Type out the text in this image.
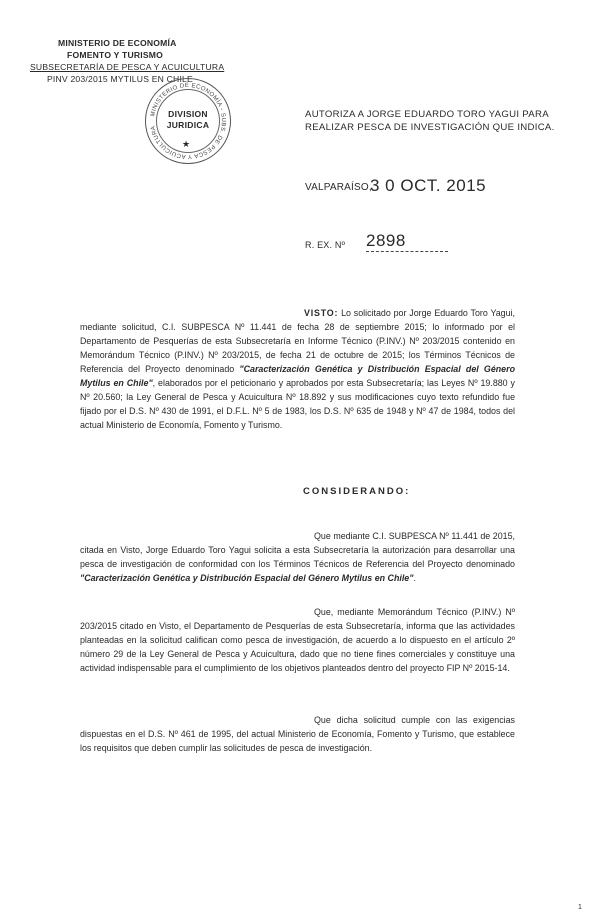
MINISTERIO DE ECONOMÍA
FOMENTO Y TURISMO
SUBSECRETARÍA DE PESCA Y ACUICULTURA
PINV 203/2015 MYTILUS EN CHILE
MINISTERIO DE ECONOMÍA - SUBS. DE PESCA Y ACUICULTURA
DIVISION
JURIDICA
★
AUTORIZA A JORGE EDUARDO TORO YAGUI PARA
REALIZAR PESCA DE INVESTIGACIÓN QUE INDICA.
VALPARAÍSO,
3 0 OCT. 2015
R. EX. Nº 2898
VISTO: Lo solicitado por Jorge Eduardo Toro Yagui, mediante solicitud, C.I. SUBPESCA Nº 11.441 de fecha 28 de septiembre 2015; lo informado por el Departamento de Pesquerías de esta Subsecretaría en Informe Técnico (P.INV.) Nº 203/2015 contenido en Memorándum Técnico (P.INV.) Nº 203/2015, de fecha 21 de octubre de 2015; los Términos Técnicos de Referencia del Proyecto denominado "Caracterización Genética y Distribución Espacial del Género Mytilus en Chile", elaborados por el peticionario y aprobados por esta Subsecretaría; las Leyes Nº 19.880 y Nº 20.560; la Ley General de Pesca y Acuicultura Nº 18.892 y sus modificaciones cuyo texto refundido fue fijado por el D.S. Nº 430 de 1991, el D.F.L. Nº 5 de 1983, los D.S. Nº 635 de 1948 y Nº 47 de 1984, todos del actual Ministerio de Economía, Fomento y Turismo.
CONSIDERANDO:
Que mediante C.I. SUBPESCA Nº 11.441 de 2015, citada en Visto, Jorge Eduardo Toro Yagui solicita a esta Subsecretaría la autorización para desarrollar una pesca de investigación de conformidad con los Términos Técnicos de Referencia del Proyecto denominado "Caracterización Genética y Distribución Espacial del Género Mytilus en Chile".
Que, mediante Memorándum Técnico (P.INV.) Nº 203/2015 citado en Visto, el Departamento de Pesquerías de esta Subsecretaría, informa que las actividades planteadas en la solicitud califican como pesca de investigación, de acuerdo a lo dispuesto en el artículo 2º número 29 de la Ley General de Pesca y Acuicultura, dado que no tiene fines comerciales y constituye una actividad indispensable para el cumplimiento de los objetivos planteados dentro del proyecto FIP Nº 2015-14.
Que dicha solicitud cumple con las exigencias dispuestas en el D.S. Nº 461 de 1995, del actual Ministerio de Economía, Fomento y Turismo, que establece los requisitos que deben cumplir las solicitudes de pesca de investigación.
1
